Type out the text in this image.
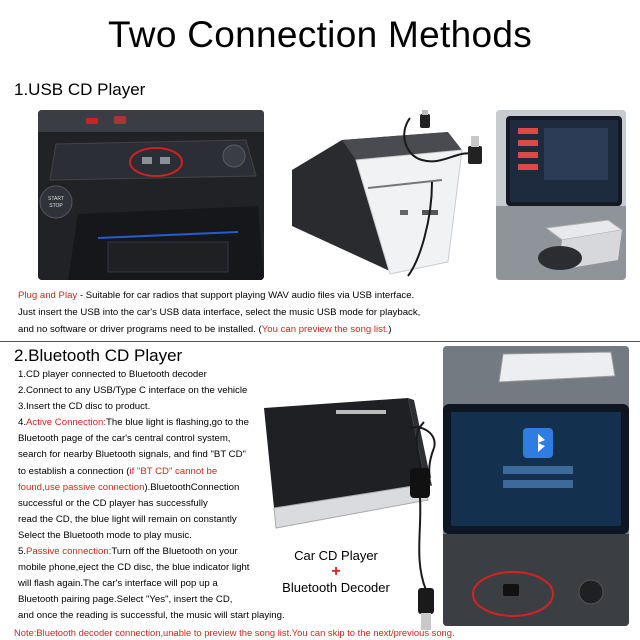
Two Connection Methods
1.USB CD Player
START
STOP
Plug and Play - Suitable for car radios that support playing WAV audio files via USB interface.
Just insert the USB into the car's USB data interface, select the music USB mode for playback,
and no software or driver programs need to be installed. (You can preview the song list.)
2.Bluetooth CD Player
1.CD player connected to Bluetooth decoder
2.Connect to any USB/Type C interface on the vehicle
3.Insert the CD disc to product.
4.Active Connection:The blue light is flashing,go to the
Bluetooth page of the car's central control system,
search for nearby Bluetooth signals, and find "BT CD"
to establish a connection (if "BT CD" cannot be
found,use passive connection).BluetoothConnection
successful or the CD player has successfully
read the CD, the blue light will remain on constantly
Select the Bluetooth mode to play music.
5.Passive connection:Turn off the Bluetooth on your
mobile phone,eject the CD disc, the blue indicator light
will flash again.The car's interface will pop up a
Bluetooth pairing page.Select "Yes", insert the CD,
and once the reading is successful, the music will start playing.
Car CD Player
+
Bluetooth Decoder
Note:Bluetooth decoder connection,unable to preview the song list.You can skip to the next/previous song.
